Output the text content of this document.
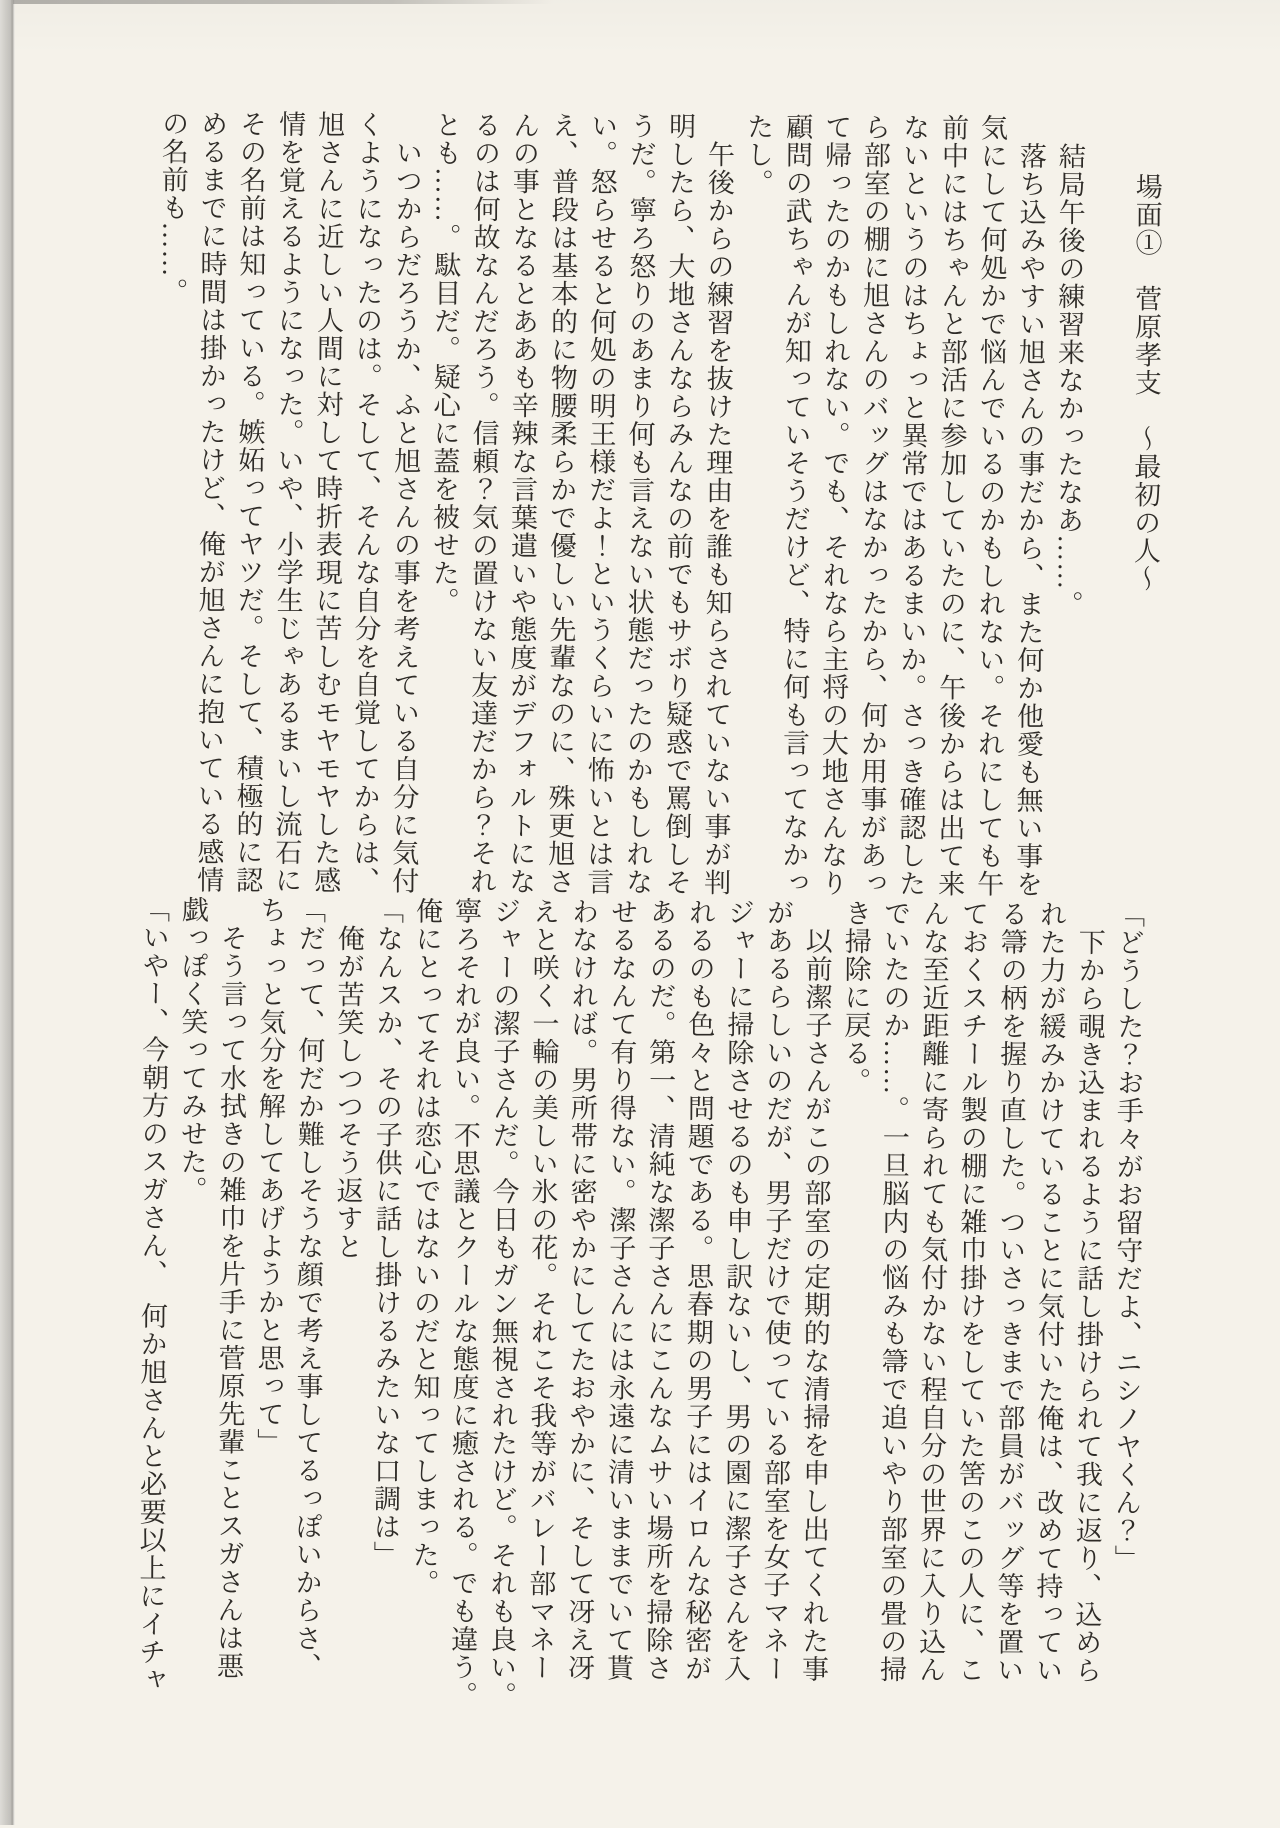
場面①　菅原孝支　～最初の人～

　結局午後の練習来なかったなあ……。

　落ち込みやすい旭さんの事だから、また何か他愛も無い事を

気にして何処かで悩んでいるのかもしれない。それにしても午

前中にはちゃんと部活に参加していたのに、午後からは出て来

ないというのはちょっと異常ではあるまいか。さっき確認した

ら部室の棚に旭さんのバッグはなかったから、何か用事があっ

て帰ったのかもしれない。でも、それなら主将の大地さんなり

顧問の武ちゃんが知っていそうだけど、特に何も言ってなかっ

たし。

　午後からの練習を抜けた理由を誰も知らされていない事が判

明したら、大地さんならみんなの前でもサボり疑惑で罵倒しそ

うだ。寧ろ怒りのあまり何も言えない状態だったのかもしれな

い。怒らせると何処の明王様だよ！というくらいに怖いとは言

え、普段は基本的に物腰柔らかで優しい先輩なのに、殊更旭さ

んの事となるとああも辛辣な言葉遣いや態度がデフォルトにな

るのは何故なんだろう。信頼？気の置けない友達だから？それ

とも……。駄目だ。疑心に蓋を被せた。

　いつからだろうか、ふと旭さんの事を考えている自分に気付

くようになったのは。そして、そんな自分を自覚してからは、

旭さんに近しい人間に対して時折表現に苦しむモヤモヤした感

情を覚えるようになった。いや、小学生じゃあるまいし流石に

その名前は知っている。嫉妬ってヤツだ。そして、積極的に認

めるまでに時間は掛かったけど、俺が旭さんに抱いている感情

の名前も……。

「どうした？お手々がお留守だよ、ニシノヤくん？」

　下から覗き込まれるように話し掛けられて我に返り、込めら

れた力が緩みかけていることに気付いた俺は、改めて持ってい

る箒の柄を握り直した。ついさっきまで部員がバッグ等を置い

ておくスチール製の棚に雑巾掛けをしていた筈のこの人に、こ

んな至近距離に寄られても気付かない程自分の世界に入り込ん

でいたのか……。一旦脳内の悩みも箒で追いやり部室の畳の掃

き掃除に戻る。

　以前潔子さんがこの部室の定期的な清掃を申し出てくれた事

があるらしいのだが、男子だけで使っている部室を女子マネー

ジャーに掃除させるのも申し訳ないし、男の園に潔子さんを入

れるのも色々と問題である。思春期の男子にはイロんな秘密が

あるのだ。第一、清純な潔子さんにこんなムサい場所を掃除さ

せるなんて有り得ない。潔子さんには永遠に清いままでいて貰

わなければ。男所帯に密やかにしてたおやかに、そして冴え冴

えと咲く一輪の美しい氷の花。それこそ我等がバレー部マネー

ジャーの潔子さんだ。今日もガン無視されたけど。それも良い。

寧ろそれが良い。不思議とクールな態度に癒される。でも違う。

俺にとってそれは恋心ではないのだと知ってしまった。

「なんスか、その子供に話し掛けるみたいな口調は」

　俺が苦笑しつつそう返すと

「だって、何だか難しそうな顔で考え事してるっぽいからさ、

ちょっと気分を解してあげようかと思って」

　そう言って水拭きの雑巾を片手に菅原先輩ことスガさんは悪

戯っぽく笑ってみせた。

「いやー、今朝方のスガさん、　何か旭さんと必要以上にイチャ
